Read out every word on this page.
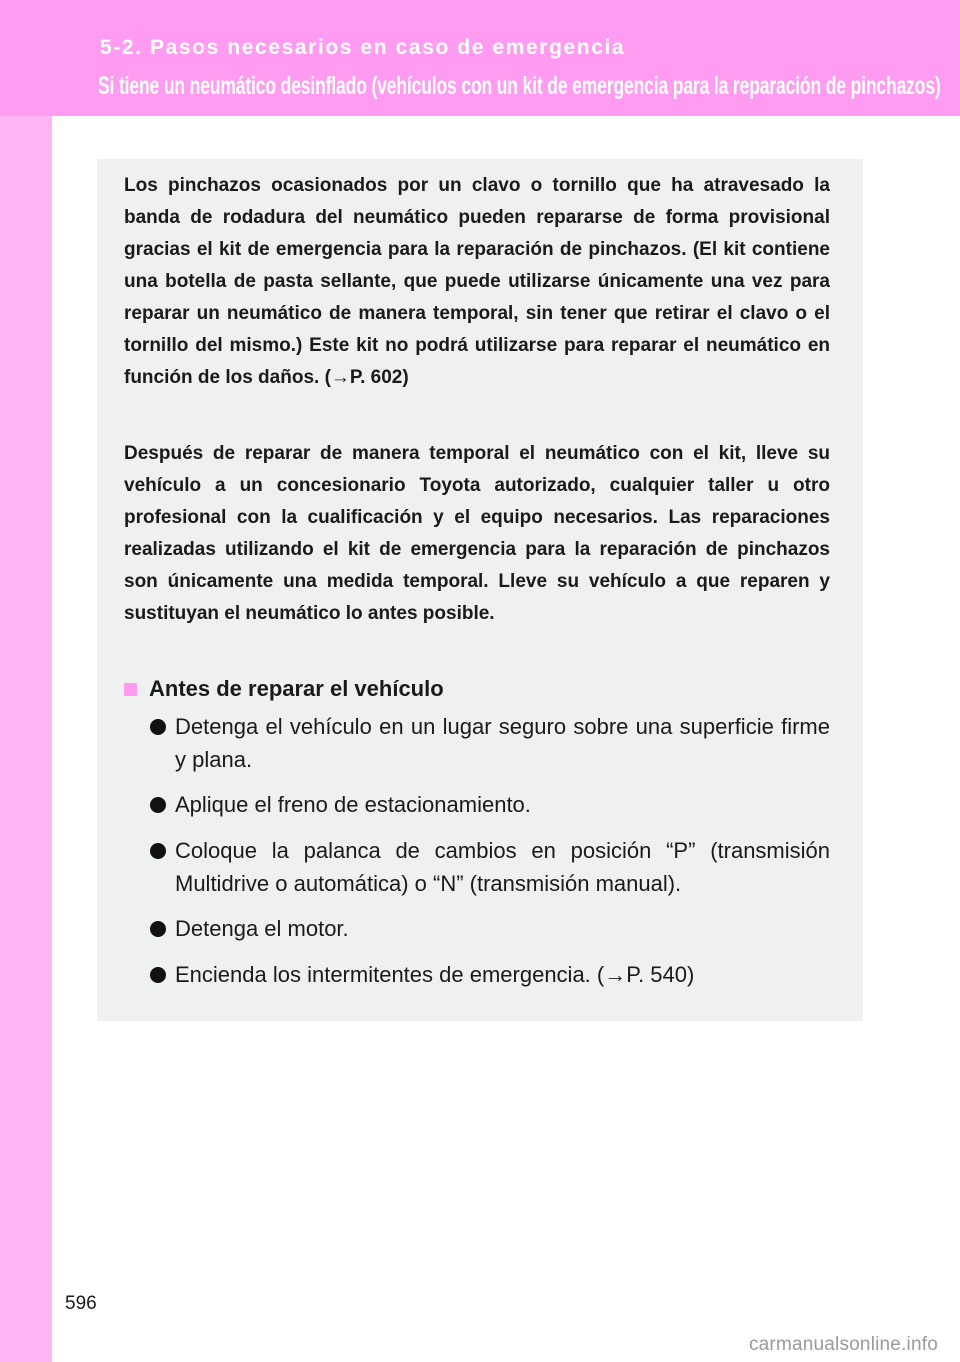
5-2. Pasos necesarios en caso de emergencia
Si tiene un neumático desinflado (vehículos con un kit de emergencia para la reparación de pinchazos)

Los pinchazos ocasionados por un clavo o tornillo que ha atravesado la banda de rodadura del neumático pueden repararse de forma provisional gracias el kit de emergencia para la reparación de pinchazos. (El kit contiene una botella de pasta sellante, que puede utilizarse únicamente una vez para reparar un neumático de manera temporal, sin tener que retirar el clavo o el tornillo del mismo.) Este kit no podrá utilizarse para reparar el neumático en función de los daños. (→P. 602)

Después de reparar de manera temporal el neumático con el kit, lleve su vehículo a un concesionario Toyota autorizado, cualquier taller u otro profesional con la cualificación y el equipo necesarios. Las reparaciones realizadas utilizando el kit de emergencia para la reparación de pinchazos son únicamente una medida temporal. Lleve su vehículo a que reparen y sustituyan el neumático lo antes posible.

Antes de reparar el vehículo
Detenga el vehículo en un lugar seguro sobre una superficie firme y plana.
Aplique el freno de estacionamiento.
Coloque la palanca de cambios en posición “P” (transmisión Multidrive o automática) o “N” (transmisión manual).
Detenga el motor.
Encienda los intermitentes de emergencia. (→P. 540)
596
carmanualsonline.info
